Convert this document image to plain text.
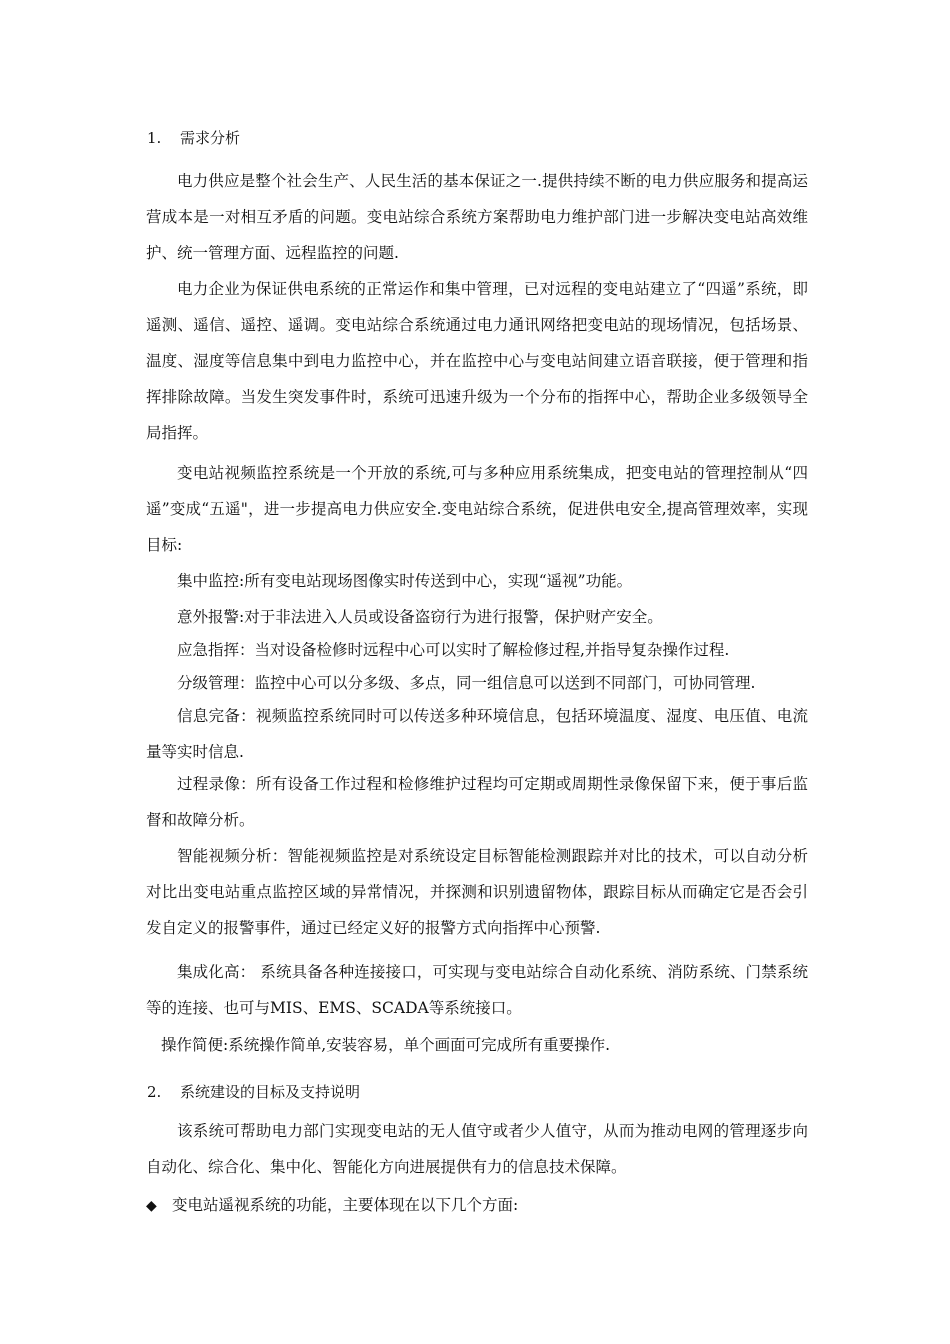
1. 需求分析

电力供应是整个社会生产、人民生活的基本保证之一.提供持续不断的电力供应服务和提高运营成本是一对相互矛盾的问题。变电站综合系统方案帮助电力维护部门进一步解决变电站高效维护、统一管理方面、远程监控的问题.

电力企业为保证供电系统的正常运作和集中管理，已对远程的变电站建立了“四遥”系统，即遥测、遥信、遥控、遥调。变电站综合系统通过电力通讯网络把变电站的现场情况，包括场景、温度、湿度等信息集中到电力监控中心，并在监控中心与变电站间建立语音联接，便于管理和指挥排除故障。当发生突发事件时，系统可迅速升级为一个分布的指挥中心，帮助企业多级领导全局指挥。

变电站视频监控系统是一个开放的系统,可与多种应用系统集成，把变电站的管理控制从“四遥”变成“五遥"，进一步提高电力供应安全.变电站综合系统，促进供电安全,提高管理效率，实现目标:

集中监控:所有变电站现场图像实时传送到中心，实现“遥视”功能。

意外报警:对于非法进入人员或设备盗窃行为进行报警，保护财产安全。

应急指挥：当对设备检修时远程中心可以实时了解检修过程,并指导复杂操作过程.

分级管理：监控中心可以分多级、多点，同一组信息可以送到不同部门，可协同管理.

信息完备：视频监控系统同时可以传送多种环境信息，包括环境温度、湿度、电压值、电流量等实时信息.

过程录像：所有设备工作过程和检修维护过程均可定期或周期性录像保留下来，便于事后监督和故障分析。

智能视频分析：智能视频监控是对系统设定目标智能检测跟踪并对比的技术，可以自动分析对比出变电站重点监控区域的异常情况，并探测和识别遗留物体，跟踪目标从而确定它是否会引发自定义的报警事件，通过已经定义好的报警方式向指挥中心预警.

集成化高： 系统具备各种连接接口，可实现与变电站综合自动化系统、消防系统、门禁系统等的连接、也可与MIS、EMS、SCADA等系统接口。

操作简便:系统操作简单,安装容易，单个画面可完成所有重要操作.

2. 系统建设的目标及支持说明

该系统可帮助电力部门实现变电站的无人值守或者少人值守，从而为推动电网的管理逐步向自动化、综合化、集中化、智能化方向进展提供有力的信息技术保障。

◆ 变电站遥视系统的功能，主要体现在以下几个方面:
